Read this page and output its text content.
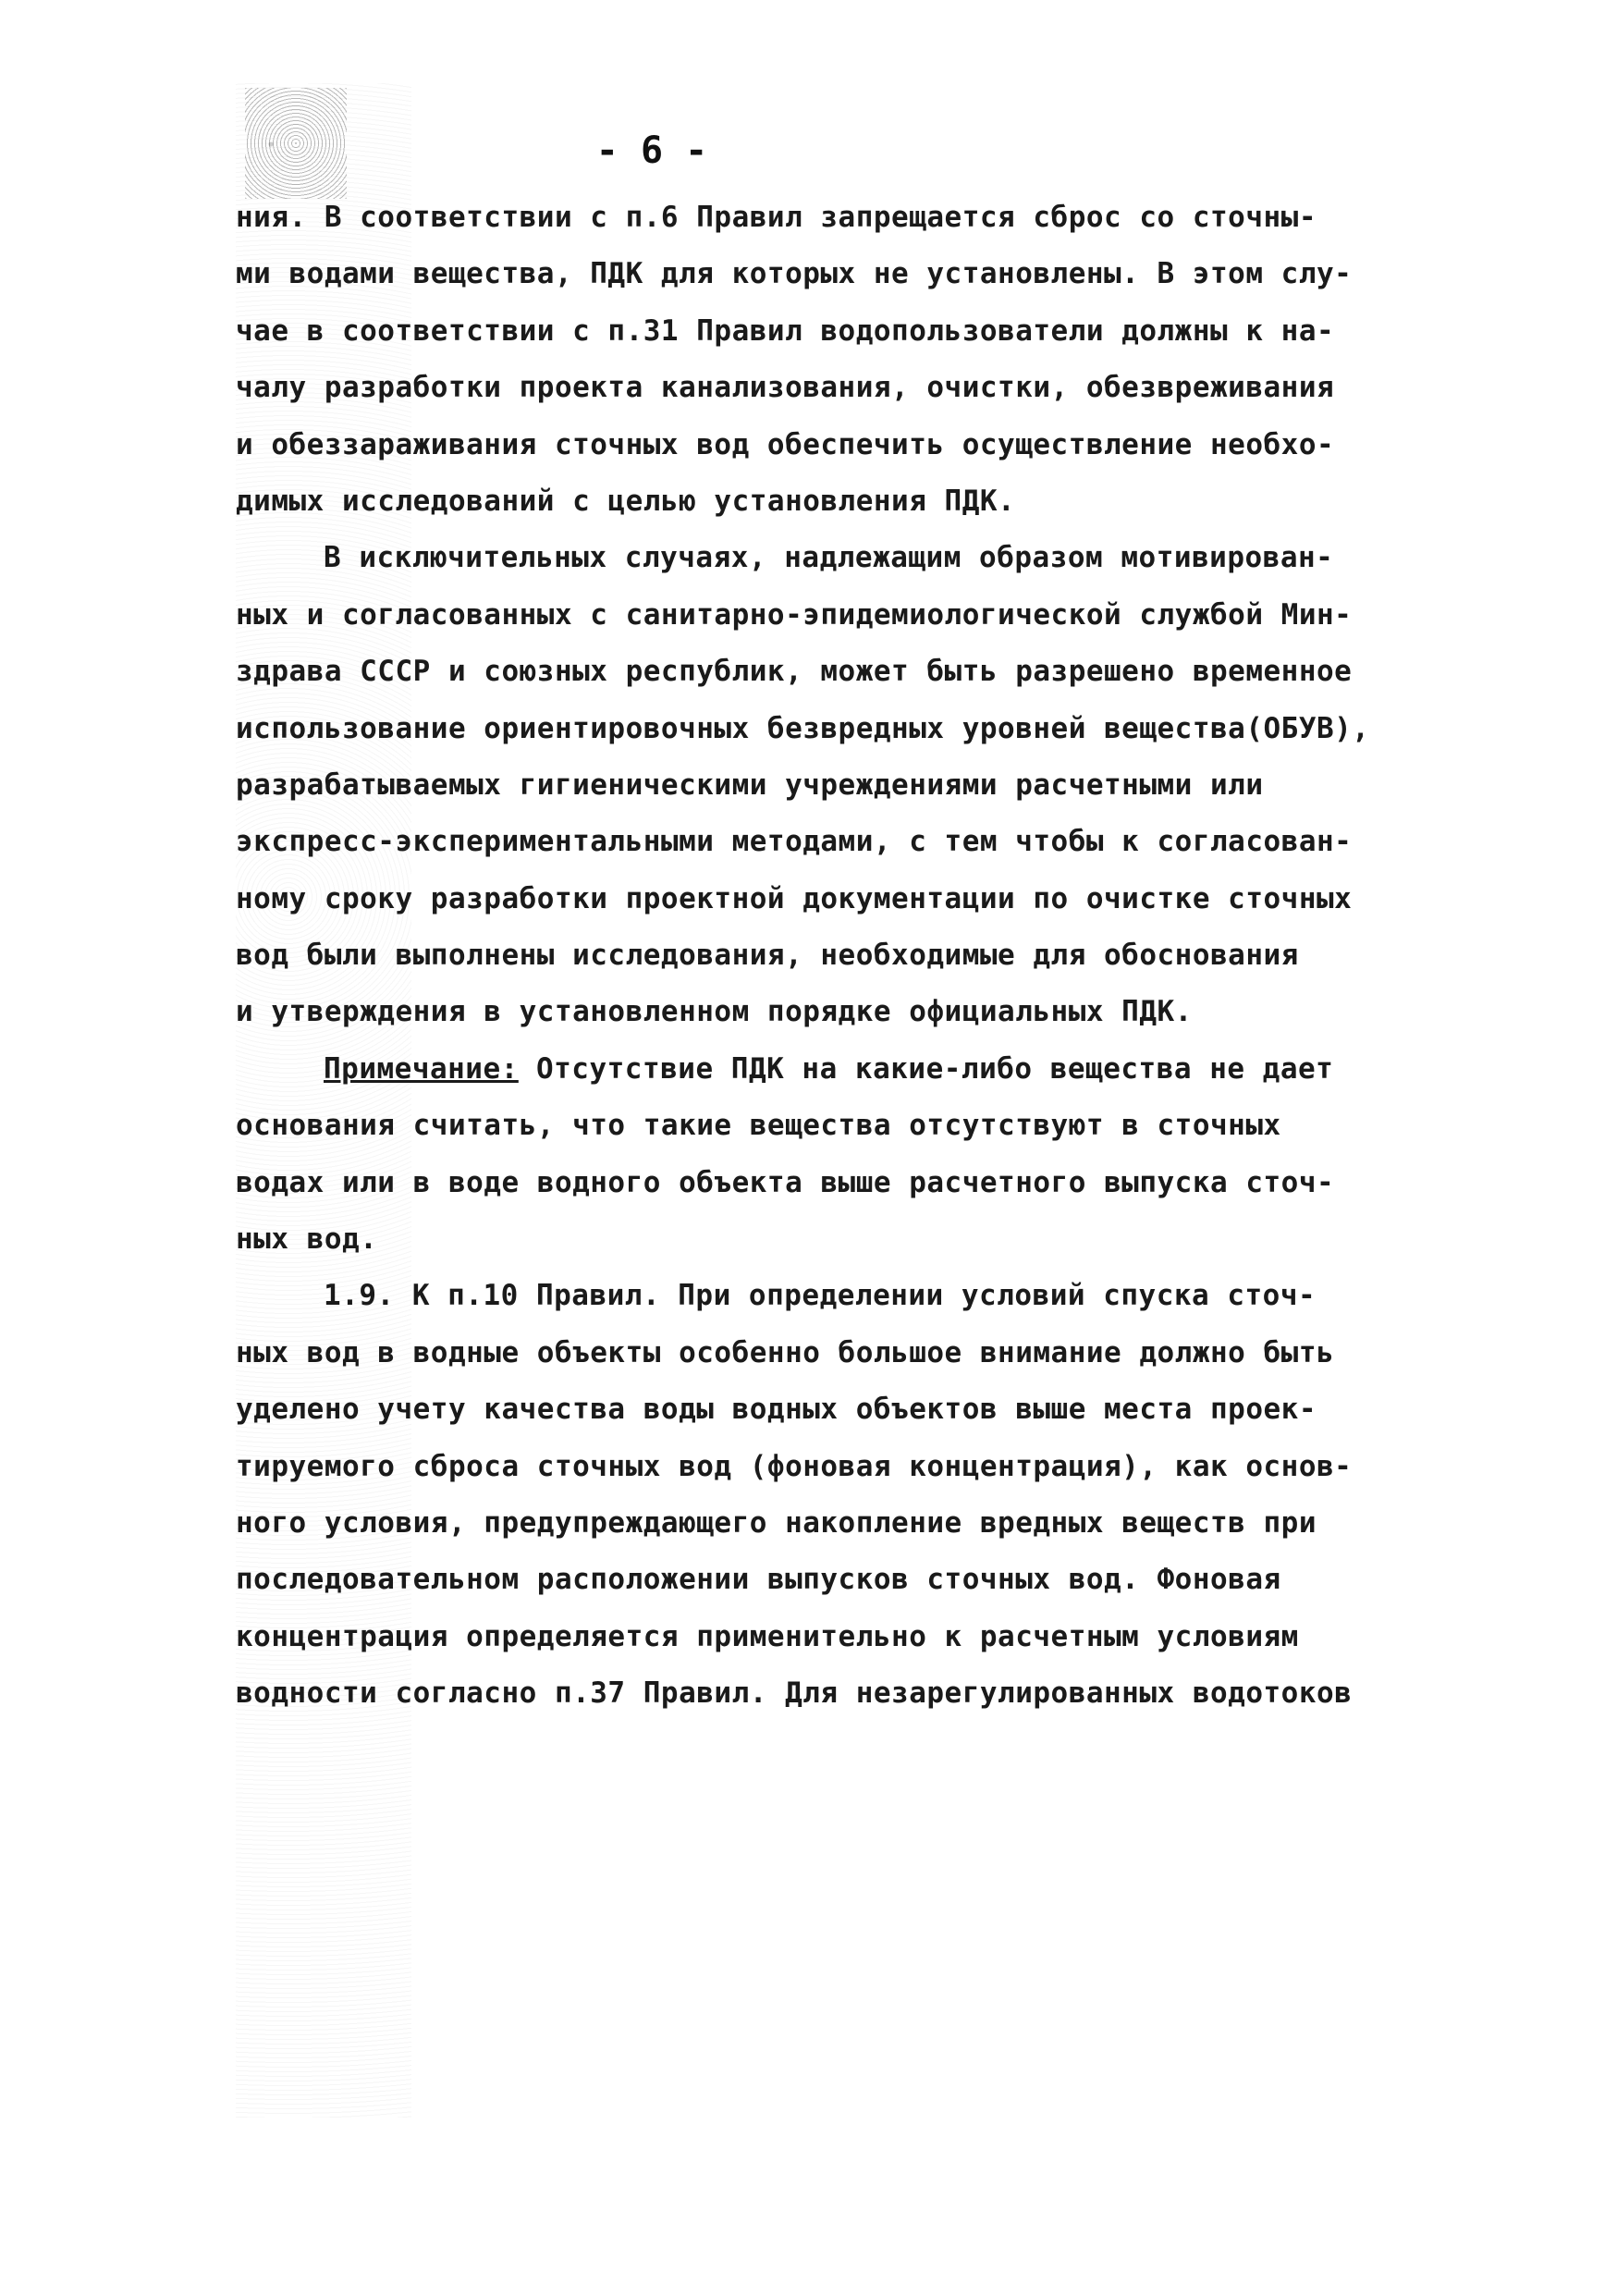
- 6 -
ния. В соответствии с п.6 Правил запрещается сброс со сточны-
ми водами вещества, ПДК для которых не установлены. В этом слу-
чае в соответствии с п.31 Правил водопользователи должны к на-
чалу разработки проекта канализования, очистки, обезвреживания
и обеззараживания сточных вод обеспечить осуществление необхо-
димых исследований с целью установления ПДК.
В исключительных случаях, надлежащим образом мотивирован-
ных и согласованных с санитарно-эпидемиологической службой Мин-
здрава СССР и союзных республик, может быть разрешено временное
использование ориентировочных безвредных уровней вещества(ОБУВ),
разрабатываемых гигиеническими учреждениями расчетными или
экспресс-экспериментальными методами, с тем чтобы к согласован-
ному сроку разработки проектной документации по очистке сточных
вод были выполнены исследования, необходимые для обоснования
и утверждения в установленном порядке официальных ПДК.
Примечание: Отсутствие ПДК на какие-либо вещества не дает
основания считать, что такие вещества отсутствуют в сточных
водах или в воде водного объекта выше расчетного выпуска сточ-
ных вод.
1.9. К п.10 Правил. При определении условий спуска сточ-
ных вод в водные объекты особенно большое внимание должно быть
уделено учету качества воды водных объектов выше места проек-
тируемого сброса сточных вод (фоновая концентрация), как основ-
ного условия, предупреждающего накопление вредных веществ при
последовательном расположении выпусков сточных вод. Фоновая
концентрация определяется применительно к расчетным условиям
водности согласно п.37 Правил. Для незарегулированных водотоков
